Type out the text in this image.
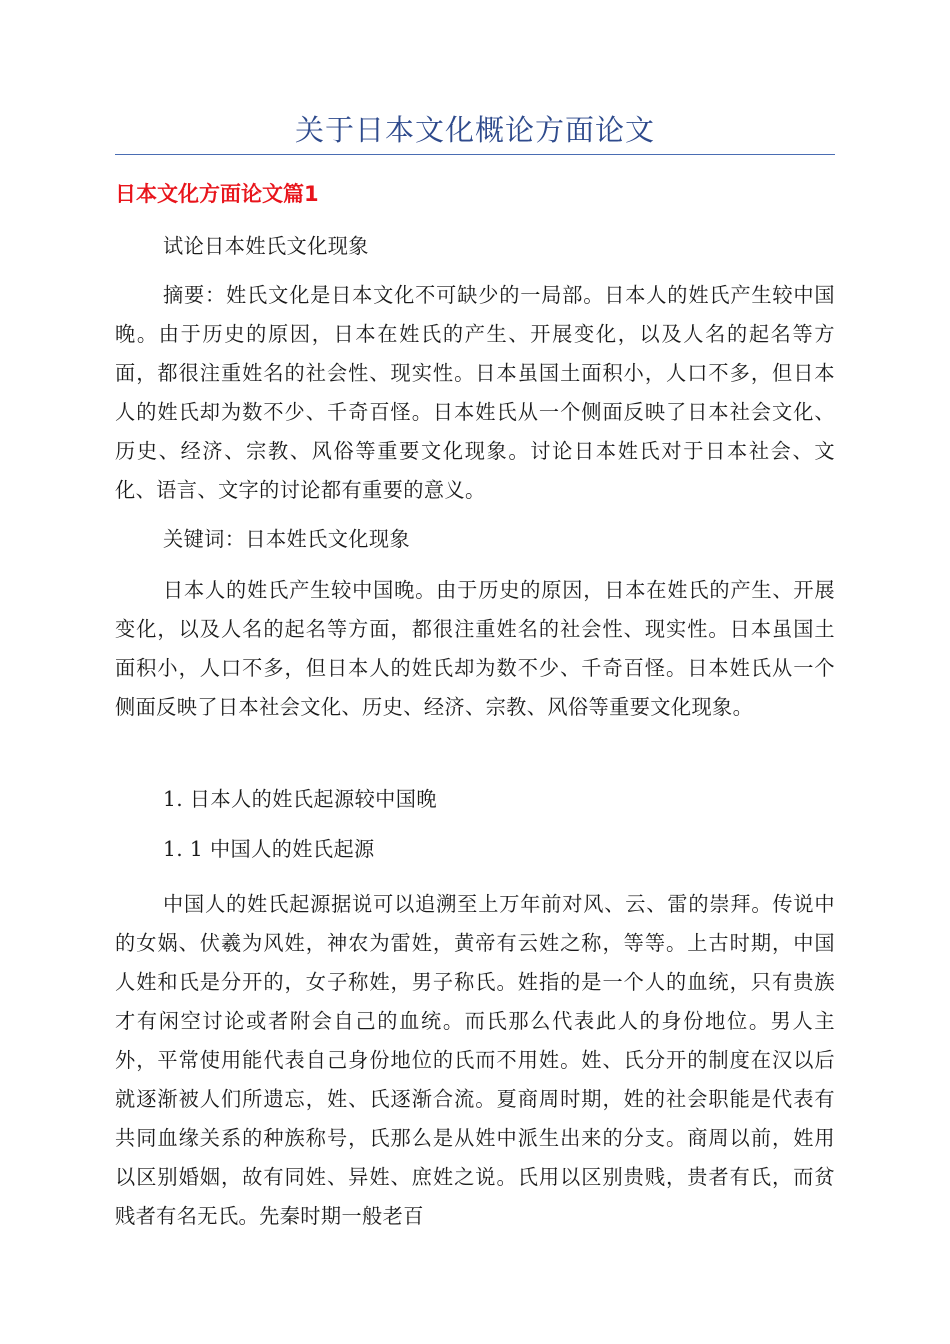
关于日本文化概论方面论文
日本文化方面论文篇1

试论日本姓氏文化现象

摘要：姓氏文化是日本文化不可缺少的一局部。日本人的姓氏产生较中国晚。由于历史的原因，日本在姓氏的产生、开展变化，以及人名的起名等方面，都很注重姓名的社会性、现实性。日本虽国土面积小，人口不多，但日本人的姓氏却为数不少、千奇百怪。日本姓氏从一个侧面反映了日本社会文化、历史、经济、宗教、风俗等重要文化现象。讨论日本姓氏对于日本社会、文化、语言、文字的讨论都有重要的意义。

关键词：日本姓氏文化现象

日本人的姓氏产生较中国晚。由于历史的原因，日本在姓氏的产生、开展变化，以及人名的起名等方面，都很注重姓名的社会性、现实性。日本虽国土面积小，人口不多，但日本人的姓氏却为数不少、千奇百怪。日本姓氏从一个侧面反映了日本社会文化、历史、经济、宗教、风俗等重要文化现象。

1. 日本人的姓氏起源较中国晚

1. 1 中国人的姓氏起源

中国人的姓氏起源据说可以追溯至上万年前对风、云、雷的崇拜。传说中的女娲、伏羲为风姓，神农为雷姓，黄帝有云姓之称，等等。上古时期，中国人姓和氏是分开的，女子称姓，男子称氏。姓指的是一个人的血统，只有贵族才有闲空讨论或者附会自己的血统。而氏那么代表此人的身份地位。男人主外，平常使用能代表自己身份地位的氏而不用姓。姓、氏分开的制度在汉以后就逐渐被人们所遗忘，姓、氏逐渐合流。夏商周时期，姓的社会职能是代表有共同血缘关系的种族称号，氏那么是从姓中派生出来的分支。商周以前，姓用以区别婚姻，故有同姓、异姓、庶姓之说。氏用以区别贵贱，贵者有氏，而贫贱者有名无氏。先秦时期一般老百
